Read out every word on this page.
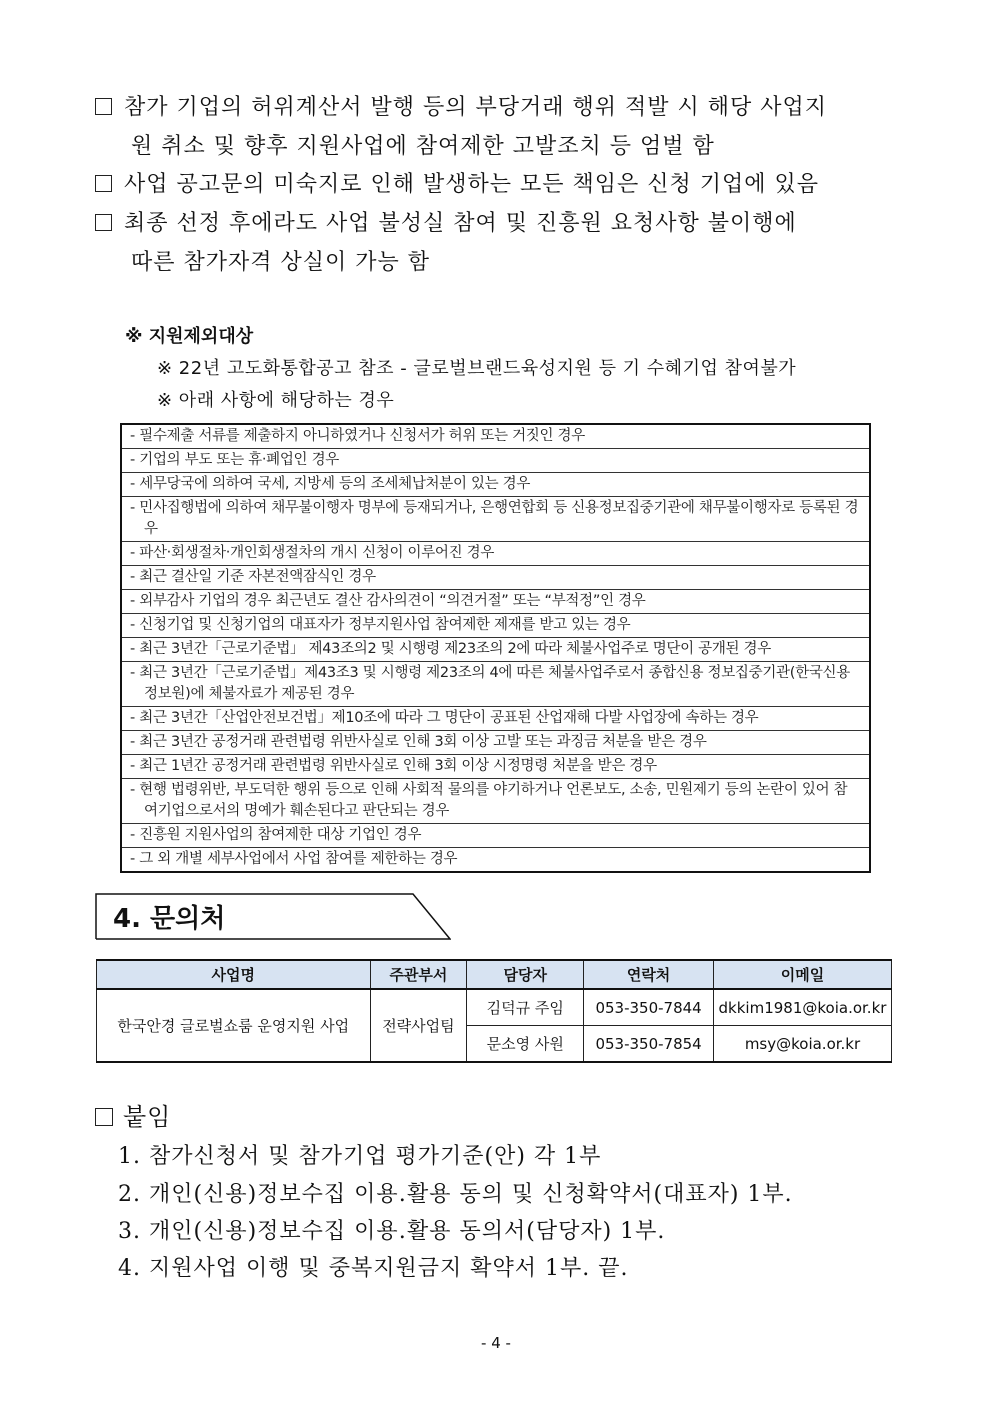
참가 기업의 허위계산서 발행 등의 부당거래 행위 적발 시 해당 사업지
원 취소 및 향후 지원사업에 참여제한 고발조치 등 엄벌 함
사업 공고문의 미숙지로 인해 발생하는 모든 책임은 신청 기업에 있음
최종 선정 후에라도 사업 불성실 참여 및 진흥원 요청사항 불이행에
따른 참가자격 상실이 가능 함
※ 지원제외대상
※ 22년 고도화통합공고 참조 - 글로벌브랜드육성지원 등 기 수혜기업 참여불가
※ 아래 사항에 해당하는 경우
- 필수제출 서류를 제출하지 아니하였거나 신청서가 허위 또는 거짓인 경우
- 기업의 부도 또는 휴‧폐업인 경우
- 세무당국에 의하여 국세, 지방세 등의 조세체납처분이 있는 경우
- 민사집행법에 의하여 채무불이행자 명부에 등재되거나, 은행연합회 등 신용정보집중기관에 채무불이행자로 등록된 경우
- 파산‧회생절차‧개인회생절차의 개시 신청이 이루어진 경우
- 최근 결산일 기준 자본전액잠식인 경우
- 외부감사 기업의 경우 최근년도 결산 감사의견이 “의견거절” 또는 “부적정”인 경우
- 신청기업 및 신청기업의 대표자가 정부지원사업 참여제한 제재를 받고 있는 경우
- 최근 3년간「근로기준법」 제43조의2 및 시행령 제23조의 2에 따라 체불사업주로 명단이 공개된 경우
- 최근 3년간「근로기준법」제43조3 및 시행령 제23조의 4에 따른 체불사업주로서 종합신용 정보집중기관(한국신용정보원)에 체불자료가 제공된 경우
- 최근 3년간「산업안전보건법」제10조에 따라 그 명단이 공표된 산업재해 다발 사업장에 속하는 경우
- 최근 3년간 공정거래 관련법령 위반사실로 인해 3회 이상 고발 또는 과징금 처분을 받은 경우
- 최근 1년간 공정거래 관련법령 위반사실로 인해 3회 이상 시정명령 처분을 받은 경우
- 현행 법령위반, 부도덕한 행위 등으로 인해 사회적 물의를 야기하거나 언론보도, 소송, 민원제기 등의 논란이 있어 참여기업으로서의 명예가 훼손된다고 판단되는 경우
- 진흥원 지원사업의 참여제한 대상 기업인 경우
- 그 외 개별 세부사업에서 사업 참여를 제한하는 경우
4. 문의처
사업명	주관부서	담당자	연락처	이메일
한국안경 글로벌쇼룸 운영지원 사업	전략사업팀	김덕규 주임	053-350-7844	dkkim1981@koia.or.kr
		문소영 사원	053-350-7854	msy@koia.or.kr
붙임
1. 참가신청서 및 참가기업 평가기준(안) 각 1부
2. 개인(신용)정보수집 이용․활용 동의 및 신청확약서(대표자) 1부.
3. 개인(신용)정보수집 이용․활용 동의서(담당자) 1부.
4. 지원사업 이행 및 중복지원금지 확약서 1부. 끝.
- 4 -
